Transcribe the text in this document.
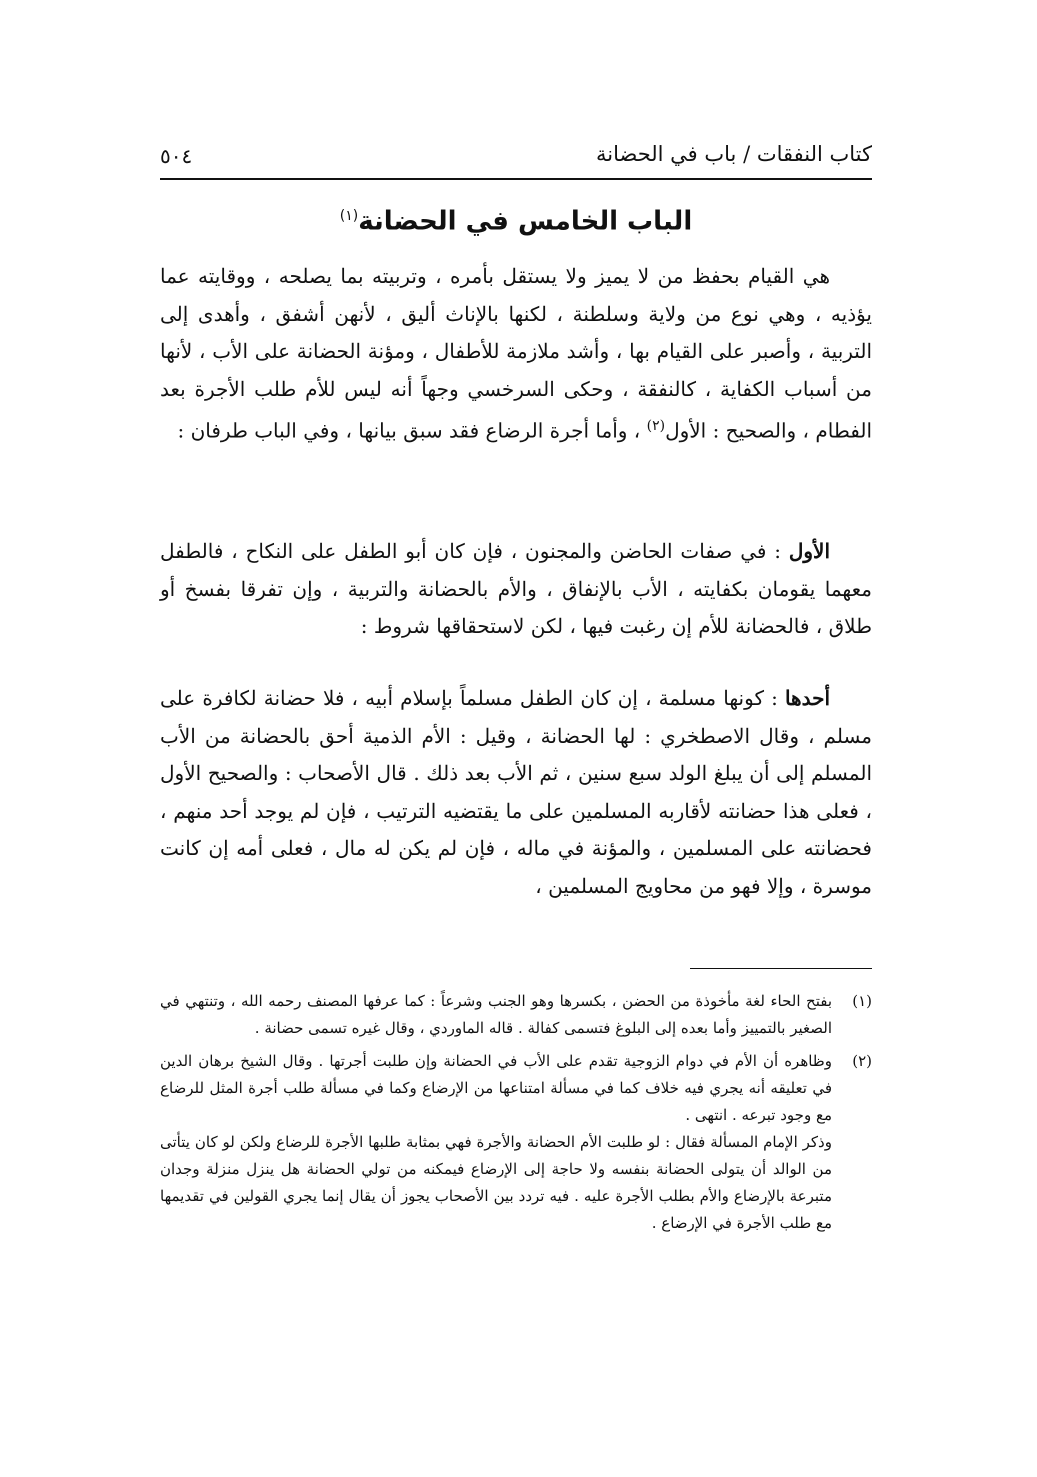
كتاب النفقات / باب في الحضانة
٥٠٤
الباب الخامس في الحضانة$^{(١)}$

هي القيام بحفظ من لا يميز ولا يستقل بأمره ، وتربيته بما يصلحه ، ووقايته عما يؤذيه ، وهي نوع من ولاية وسلطنة ، لكنها بالإناث أليق ، لأنهن أشفق ، وأهدى إلى التربية ، وأصبر على القيام بها ، وأشد ملازمة للأطفال ، ومؤنة الحضانة على الأب ، لأنها من أسباب الكفاية ، كالنفقة ، وحكى السرخسي وجهاً أنه ليس للأم طلب الأجرة بعد الفطام ، والصحيح : الأول$^{(٢)}$ ، وأما أجرة الرضاع فقد سبق بيانها ، وفي الباب طرفان :

الأول : في صفات الحاضن والمجنون ، فإن كان أبو الطفل على النكاح ، فالطفل معهما يقومان بكفايته ، الأب بالإنفاق ، والأم بالحضانة والتربية ، وإن تفرقا بفسخ أو طلاق ، فالحضانة للأم إن رغبت فيها ، لكن لاستحقاقها شروط :

أحدها : كونها مسلمة ، إن كان الطفل مسلماً بإسلام أبيه ، فلا حضانة لكافرة على مسلم ، وقال الاصطخري : لها الحضانة ، وقيل : الأم الذمية أحق بالحضانة من الأب المسلم إلى أن يبلغ الولد سبع سنين ، ثم الأب بعد ذلك . قال الأصحاب : والصحيح الأول ، فعلى هذا حضانته لأقاربه المسلمين على ما يقتضيه الترتيب ، فإن لم يوجد أحد منهم ، فحضانته على المسلمين ، والمؤنة في ماله ، فإن لم يكن له مال ، فعلى أمه إن كانت موسرة ، وإلا فهو من محاويج المسلمين ،

(١)

بفتح الحاء لغة مأخوذة من الحضن ، بكسرها وهو الجنب وشرعاً : كما عرفها المصنف رحمه الله ، وتنتهي في الصغير بالتمييز وأما بعده إلى البلوغ فتسمى كفالة . قاله الماوردي ، وقال غيره تسمى حضانة .

(٢)

وظاهره أن الأم في دوام الزوجية تقدم على الأب في الحضانة وإن طلبت أجرتها . وقال الشيخ برهان الدين في تعليقه أنه يجري فيه خلاف كما في مسألة امتناعها من الإرضاع وكما في مسألة طلب أجرة المثل للرضاع مع وجود تبرعه . انتهى .

وذكر الإمام المسألة فقال : لو طلبت الأم الحضانة والأجرة فهي بمثابة طلبها الأجرة للرضاع ولكن لو كان يتأتى من الوالد أن يتولى الحضانة بنفسه ولا حاجة إلى الإرضاع فيمكنه من تولي الحضانة هل ينزل منزلة وجدان متبرعة بالإرضاع والأم بطلب الأجرة عليه . فيه تردد بين الأصحاب يجوز أن يقال إنما يجري القولين في تقديمها مع طلب الأجرة في الإرضاع .
